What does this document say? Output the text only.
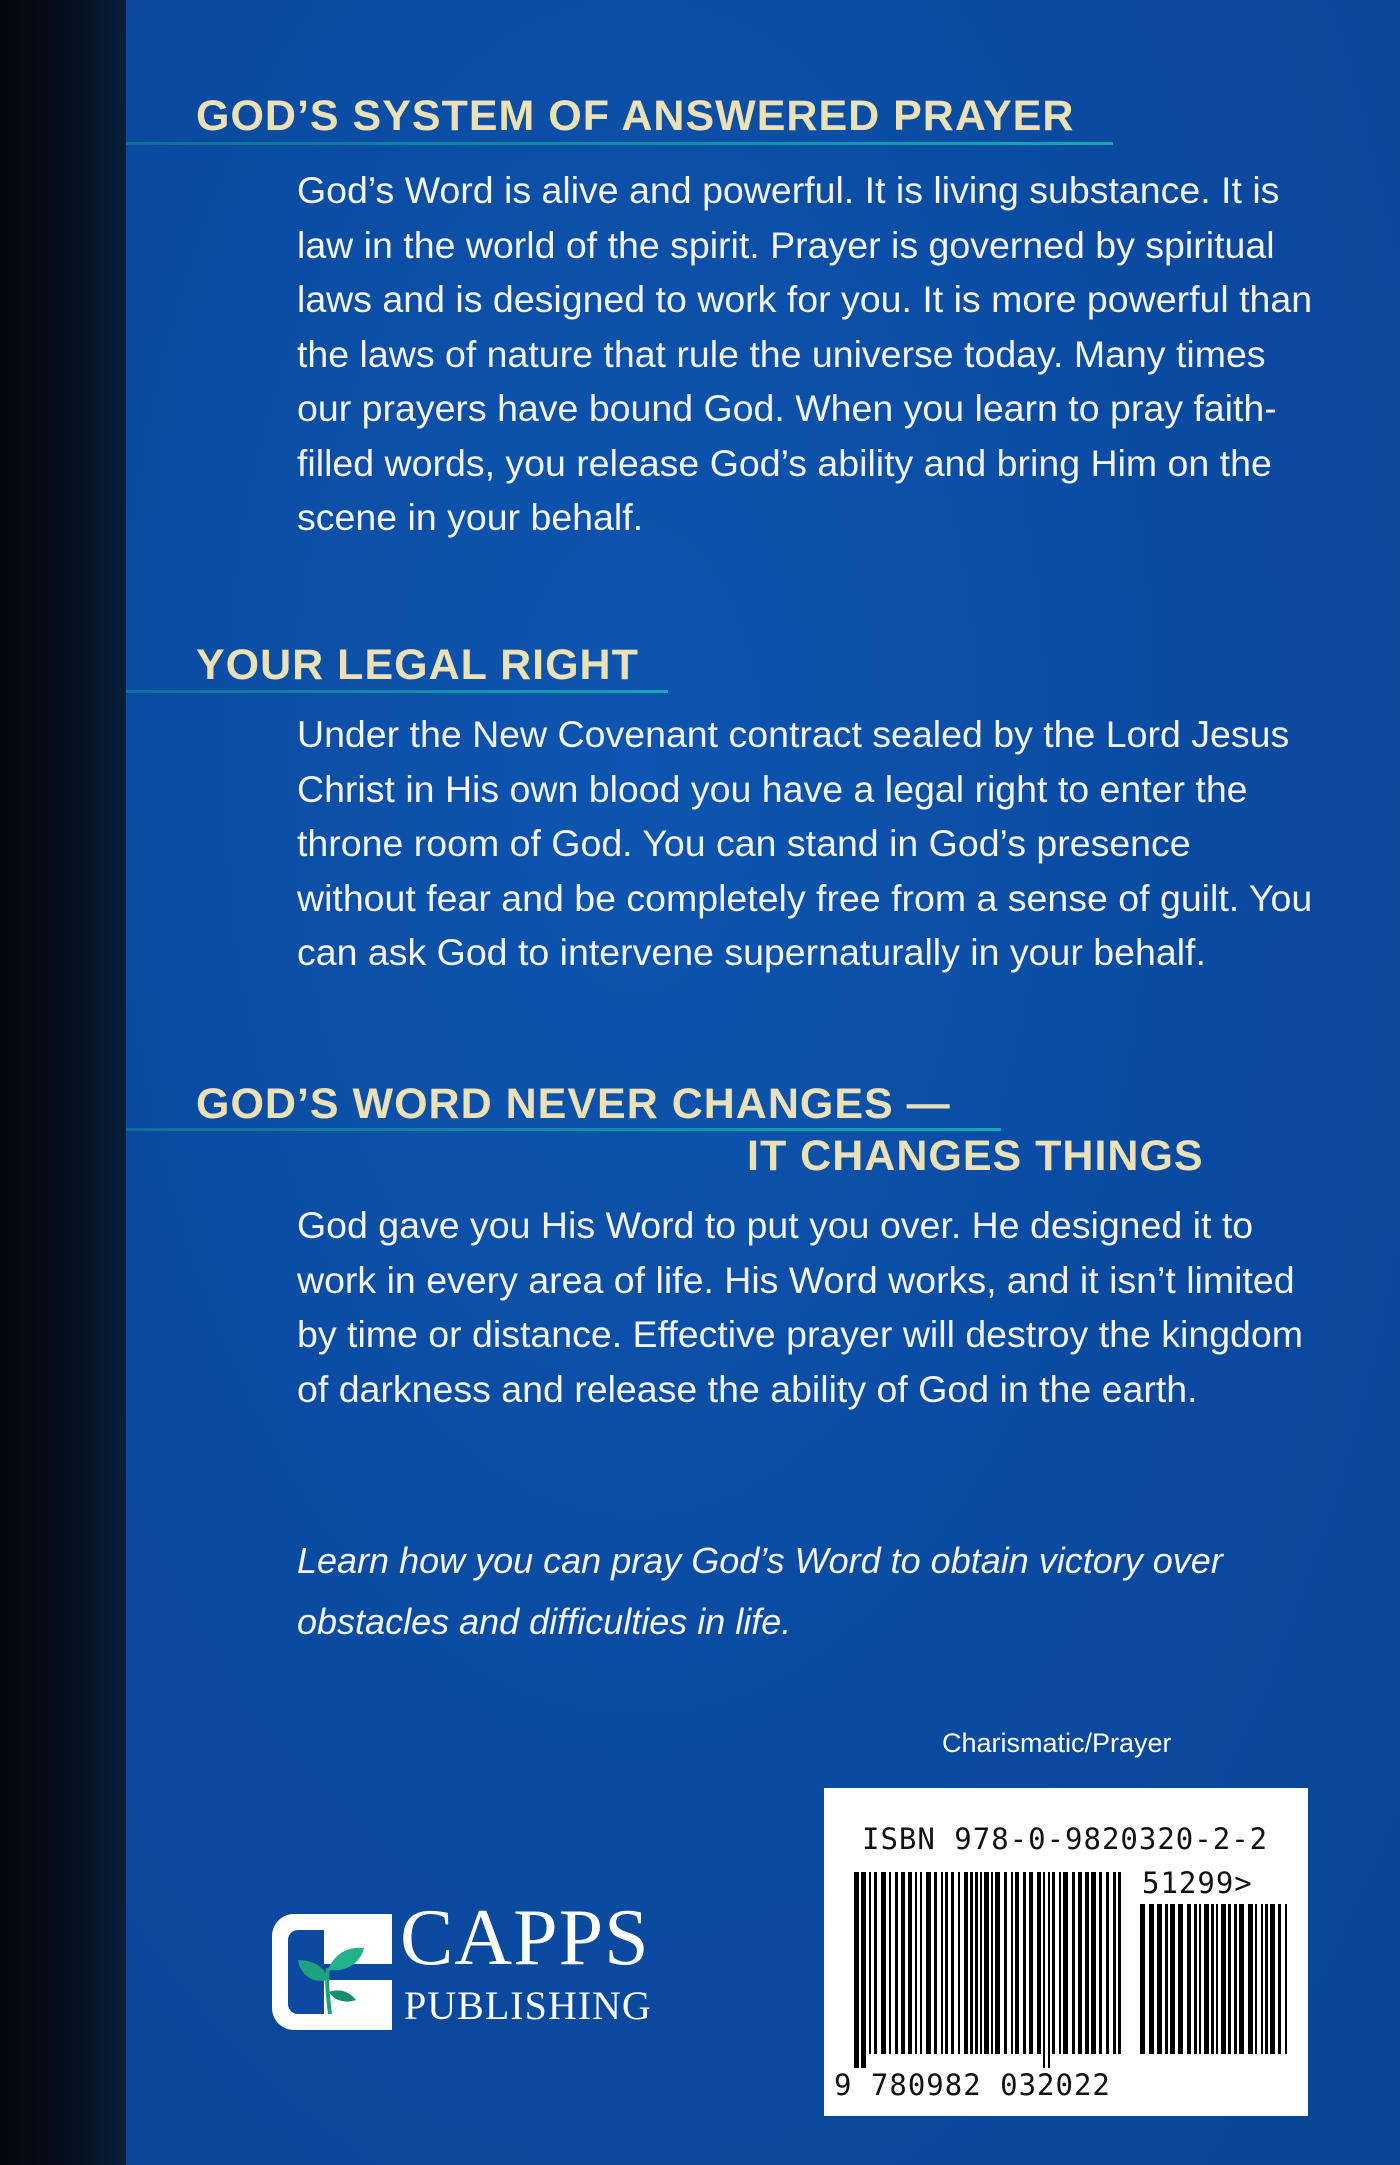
GOD’S SYSTEM OF ANSWERED PRAYER

God’s Word is alive and powerful. It is living substance. It is law in the world of the spirit. Prayer is governed by spiritual laws and is designed to work for you. It is more powerful than the laws of nature that rule the universe today. Many times our prayers have bound God. When you learn to pray faith-filled words, you release God’s ability and bring Him on the scene in your behalf.

YOUR LEGAL RIGHT

Under the New Covenant contract sealed by the Lord Jesus Christ in His own blood you have a legal right to enter the throne room of God. You can stand in God’s presence without fear and be completely free from a sense of guilt. You can ask God to intervene supernaturally in your behalf.

GOD’S WORD NEVER CHANGES —
IT CHANGES THINGS

God gave you His Word to put you over. He designed it to work in every area of life. His Word works, and it isn’t limited by time or distance. Effective prayer will destroy the kingdom of darkness and release the ability of God in the earth.

Learn how you can pray God’s Word to obtain victory over obstacles and difficulties in life.

Charismatic/Prayer
ISBN 978-0-9820320-2-2
51299>
9 780982 032022
CAPPS
PUBLISHING
